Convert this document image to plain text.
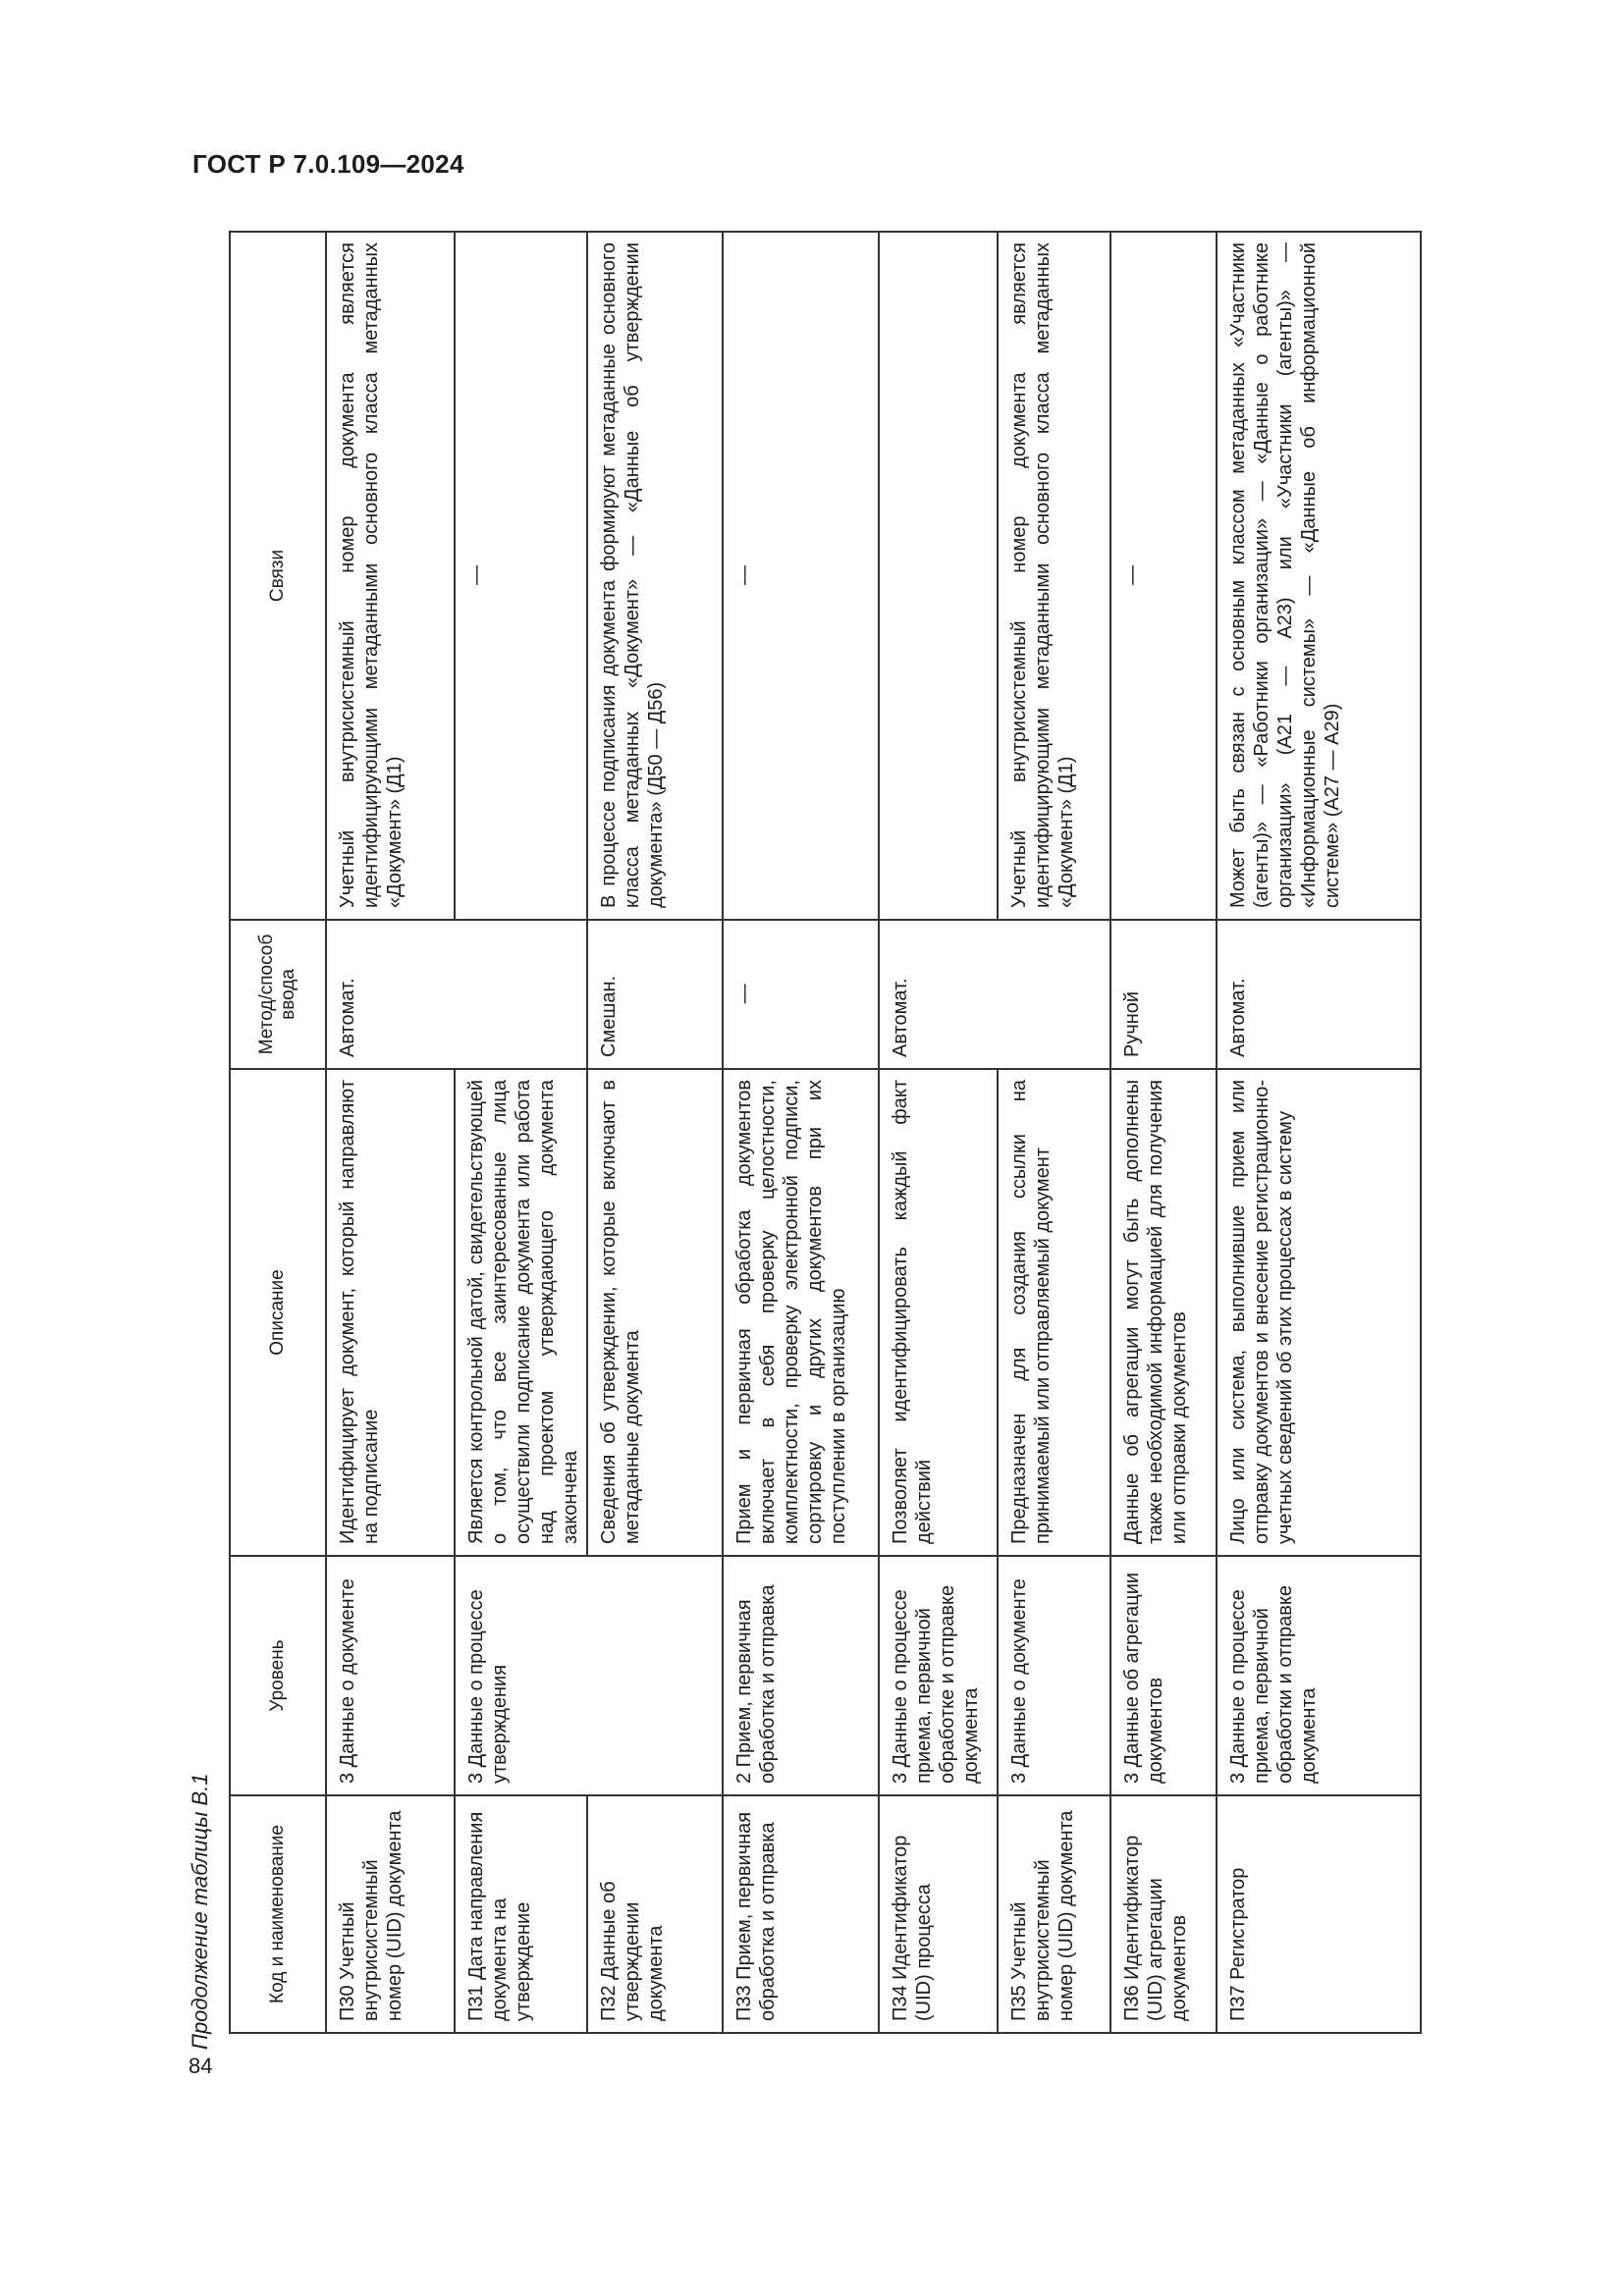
ГОСТ Р 7.0.109—2024
84
Продолжение таблицы В.1	Код и наименование	Уровень	Описание	Метод/способ ввода	Связи
П30 Учетный внутрисистемный номер (UID) документа	3 Данные о документе	Идентифицирует документ, который направляют на подписание	Автомат.	Учетный внутрисистемный номер документа является идентифицирующими метаданными основного класса метаданных «Документ» (Д1)
П31 Дата направления документа на утверждение	3 Данные о процессе утверждения	Является контрольной датой, свидетельствующей о том, что все заинтересованные лица осуществили подписание документа или работа над проектом утверждающего документа закончена		—
П32 Данные об утверждении документа		Сведения об утверждении, которые включают в метаданные документа	Смешан.	В процессе подписания документа формируют метаданные основного класса метаданных «Документ» — «Данные об утверждении документа» (Д50 — Д56)
П33 Прием, первичная обработка и отправка	2 Прием, первичная обработка и отправка	Прием и первичная обработка документов включает в себя проверку целостности, комплектности, проверку электронной подписи, сортировку и других документов при их поступлении в организацию	—	—
П34 Идентификатор (UID) процесса	3 Данные о процессе приема, первичной обработке и отправке документа	Позволяет идентифицировать каждый факт действий	Автомат.	
П35 Учетный внутрисистемный номер (UID) документа	3 Данные о документе	Предназначен для создания ссылки на принимаемый или отправляемый документ		Учетный внутрисистемный номер документа является идентифицирующими метаданными основного класса метаданных «Документ» (Д1)
П36 Идентификатор (UID) агрегации документов	3 Данные об агрегации документов	Данные об агрегации могут быть дополнены также необходимой информацией для получения или отправки документов	Ручной	—
П37 Регистратор	3 Данные о процессе приема, первичной обработки и отправке документа	Лицо или система, выполнившие прием или отправку документов и внесение регистрационно-учетных сведений об этих процессах в систему	Автомат.	Может быть связан с основным классом метаданных «Участники (агенты)» — «Работники организации» — «Данные о работнике организации» (А21 — А23) или «Участники (агенты)» — «Информационные системы» — «Данные об информационной системе» (А27 — А29)
